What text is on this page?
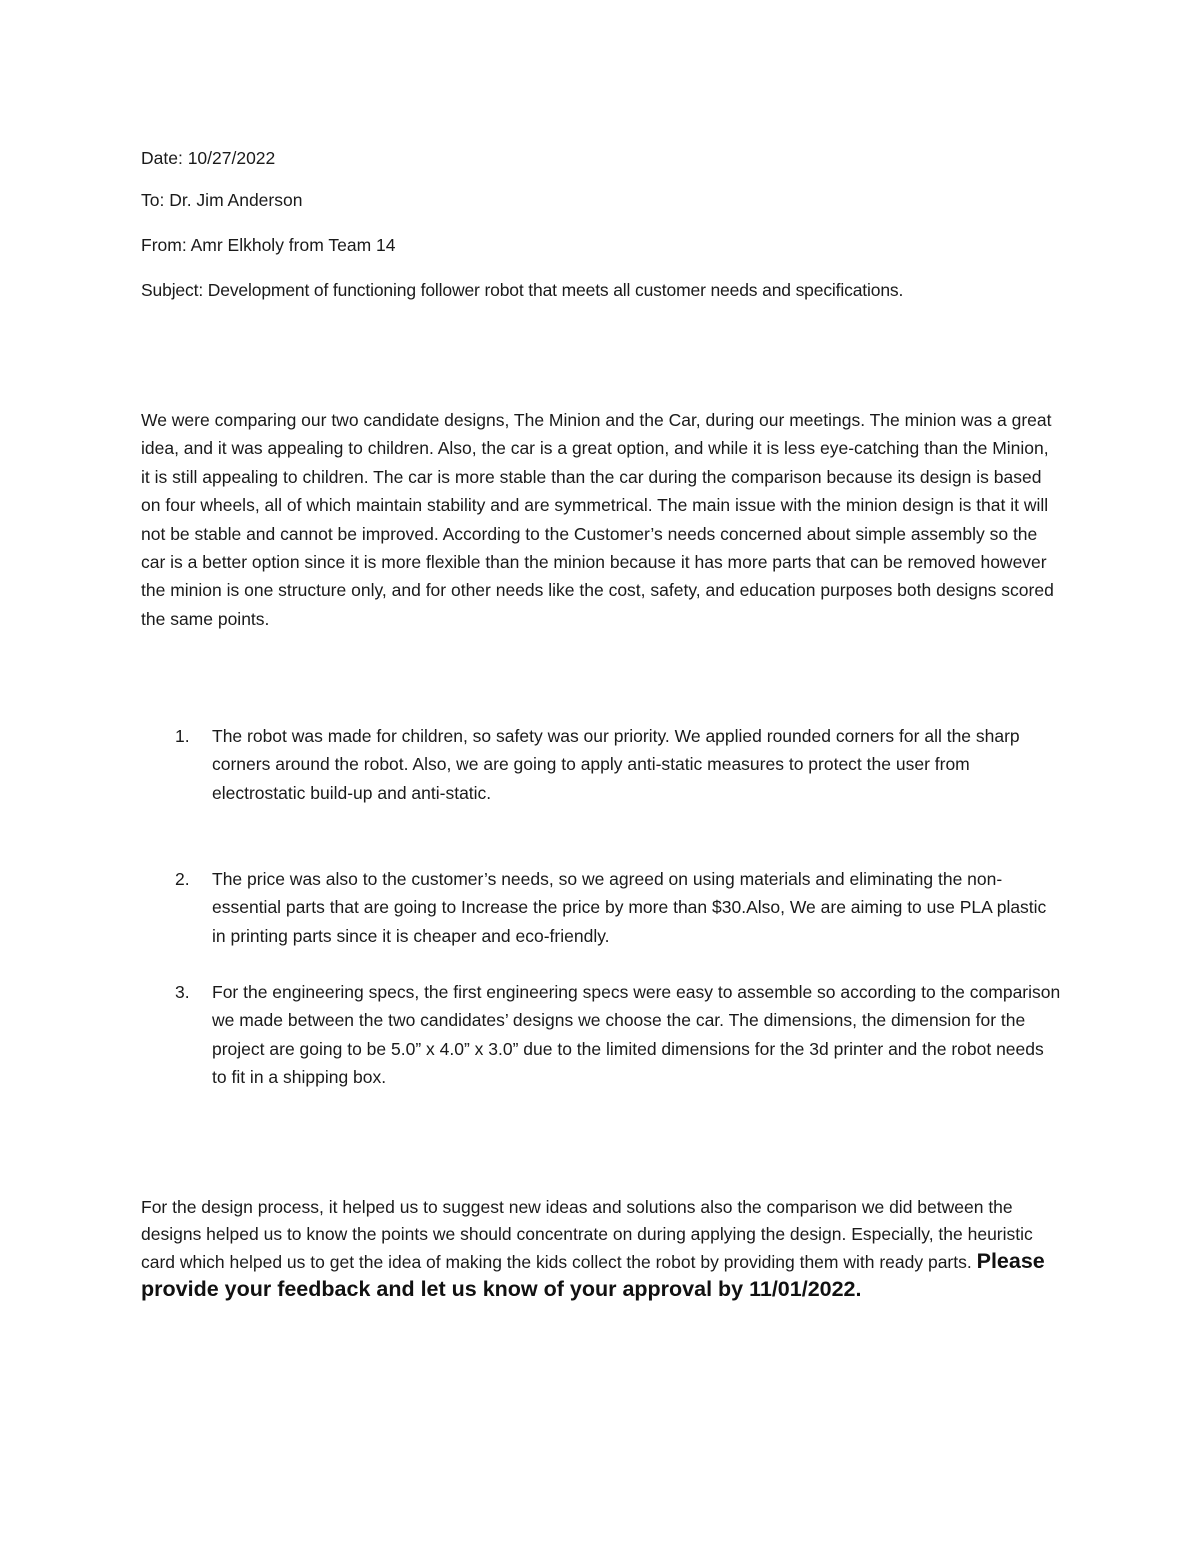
Date: 10/27/2022
To: Dr. Jim Anderson
From: Amr Elkholy from Team 14
Subject: Development of functioning follower robot that meets all customer needs and specifications.

We were comparing our two candidate designs, The Minion and the Car, during our meetings. The minion was a great idea, and it was appealing to children. Also, the car is a great option, and while it is less eye-catching than the Minion, it is still appealing to children. The car is more stable than the car during the comparison because its design is based on four wheels, all of which maintain stability and are symmetrical. The main issue with the minion design is that it will not be stable and cannot be improved. According to the Customer’s needs concerned about simple assembly so the car is a better option since it is more flexible than the minion because it has more parts that can be removed however the minion is one structure only, and for other needs like the cost, safety, and education purposes both designs scored the same points.

1.	The robot was made for children, so safety was our priority. We applied rounded corners for all the sharp corners around the robot. Also, we are going to apply anti-static measures to protect the user from electrostatic build-up and anti-static.
2.	The price was also to the customer’s needs, so we agreed on using materials and eliminating the non-essential parts that are going to Increase the price by more than $30.Also, We are aiming to use PLA plastic in printing parts since it is cheaper and eco-friendly.
3.	For the engineering specs, the first engineering specs were easy to assemble so according to the comparison we made between the two candidates’ designs we choose the car. The dimensions, the dimension for the project are going to be 5.0” x 4.0” x 3.0” due to the limited dimensions for the 3d printer and the robot needs to fit in a shipping box.

For the design process, it helped us to suggest new ideas and solutions also the comparison we did between the designs helped us to know the points we should concentrate on during applying the design. Especially, the heuristic card which helped us to get the idea of making the kids collect the robot by providing them with ready parts. Please provide your feedback and let us know of your approval by 11/01/2022.
